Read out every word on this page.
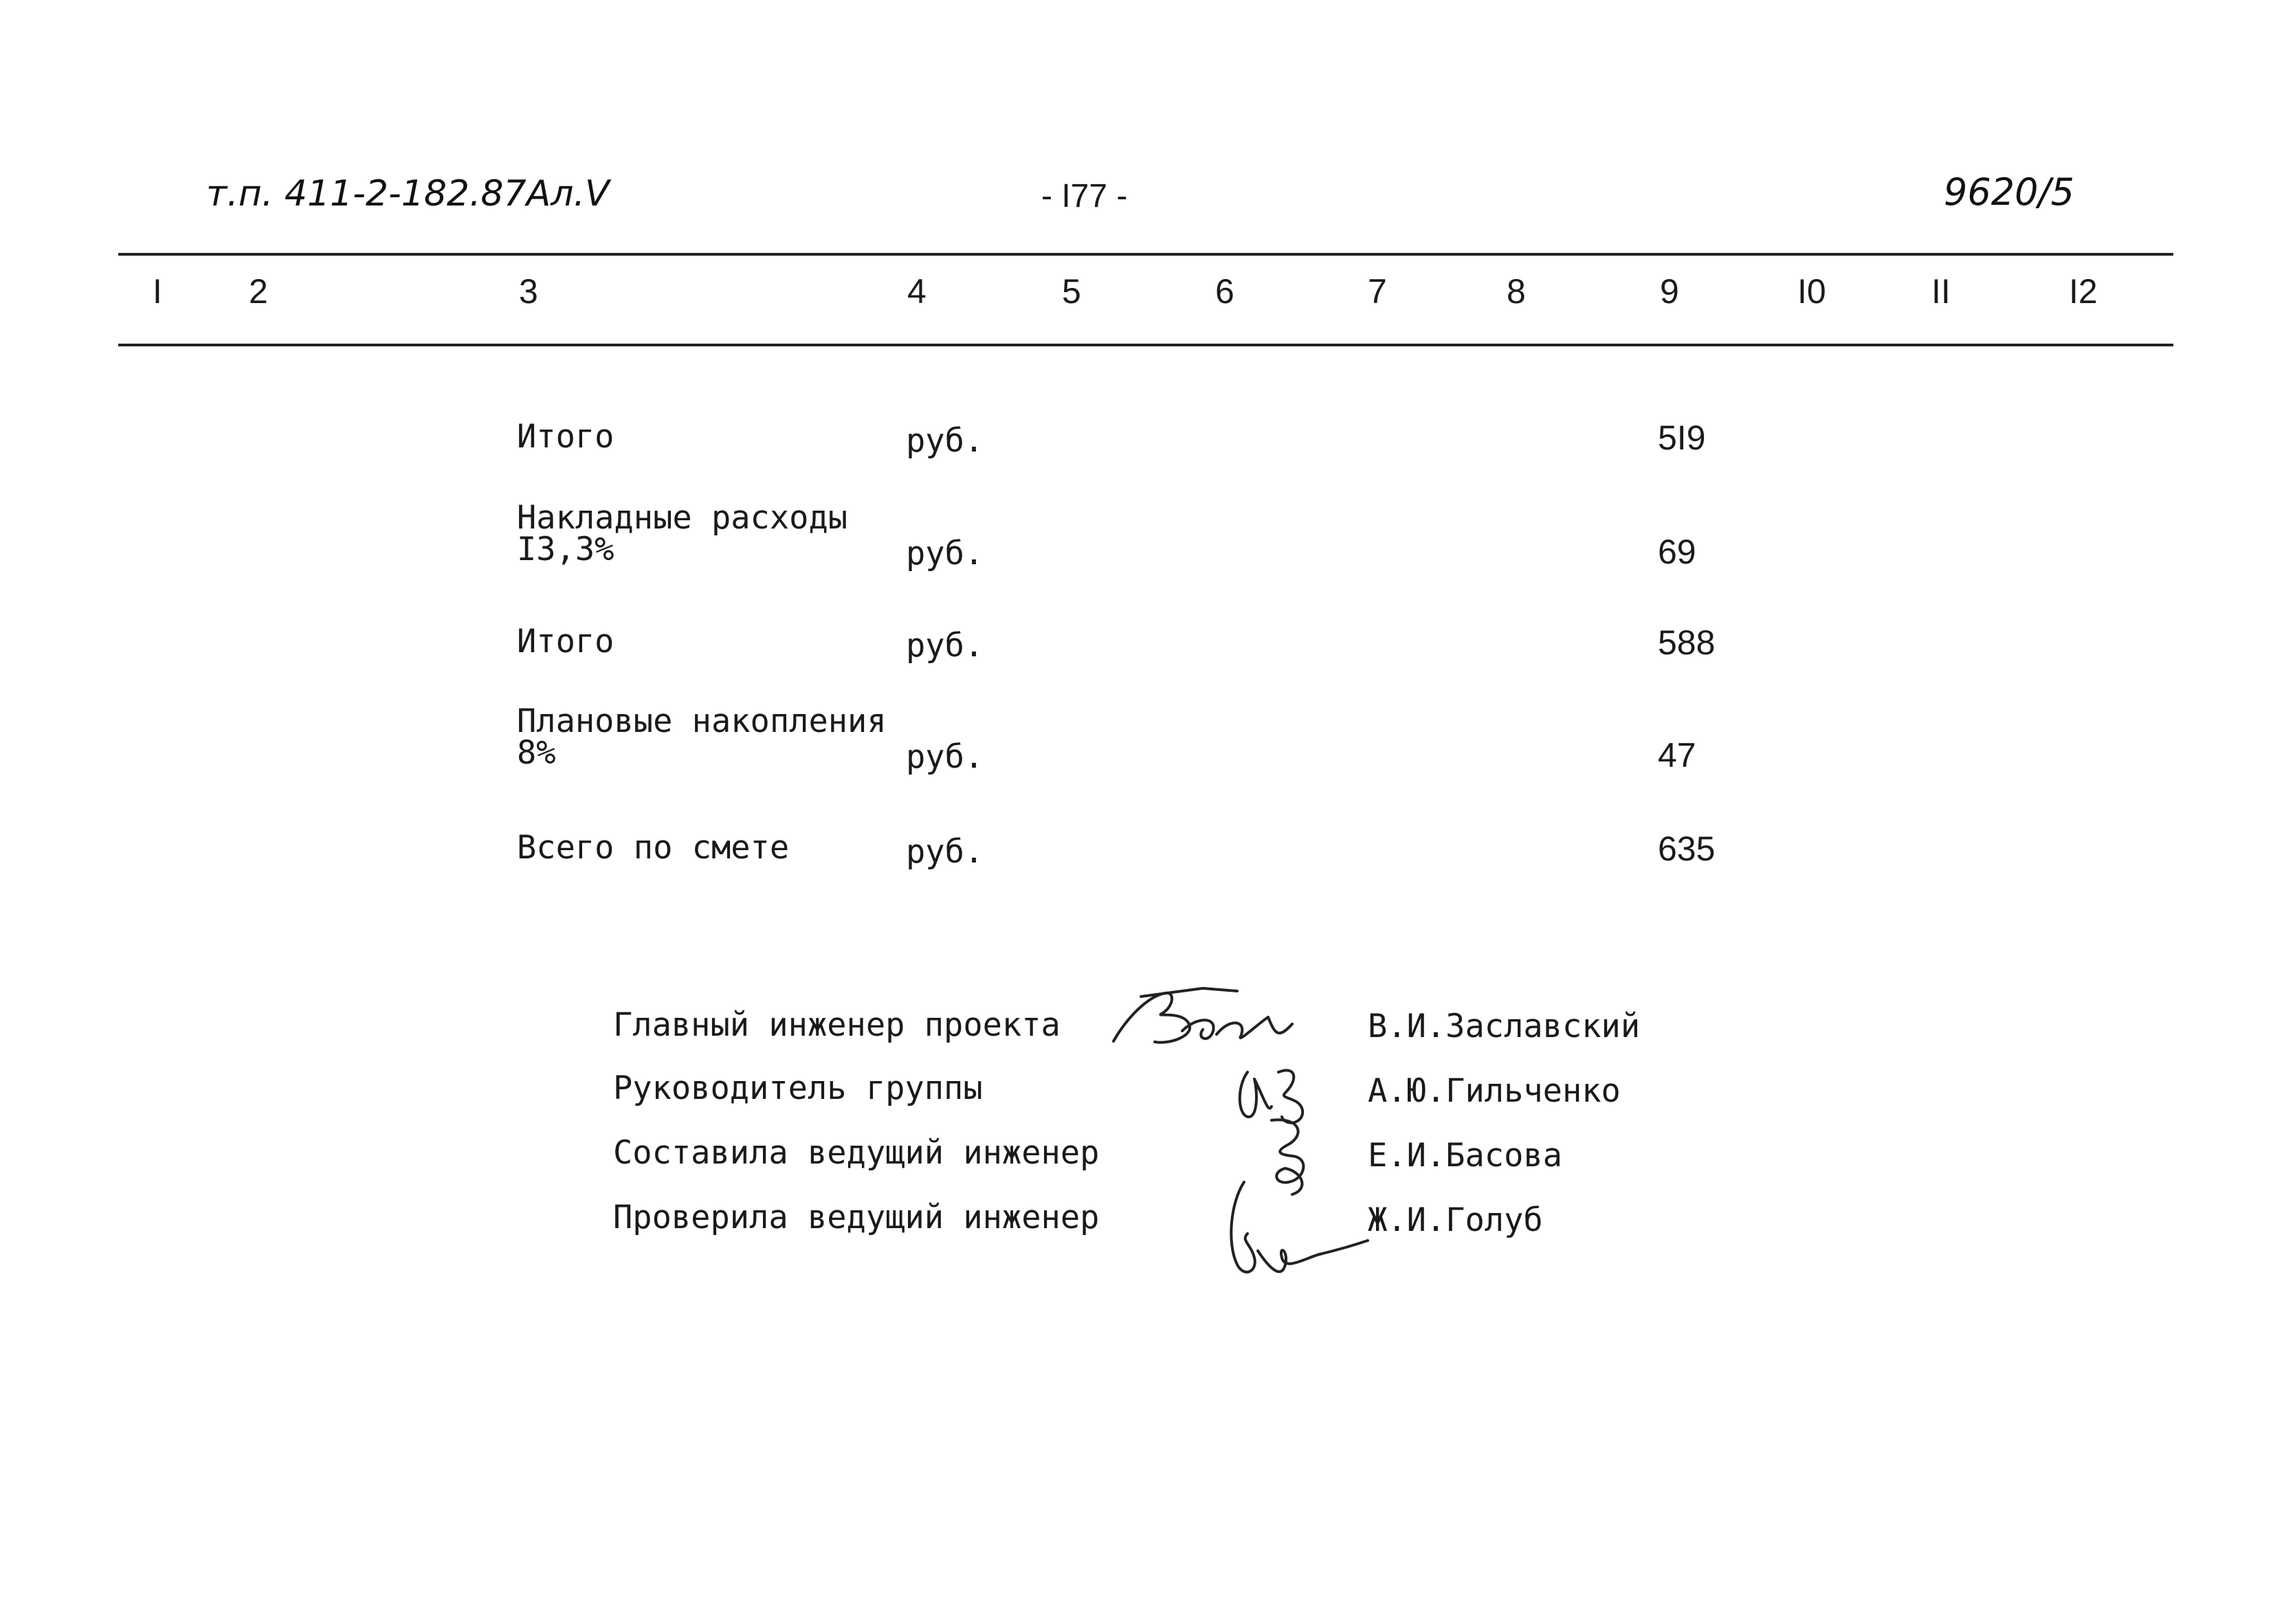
т.п. 411-2-182.87Ал.V	- I77 -	9620/5
I	2	3	4	5	6	7	8	9	I0	II	I2
Итого	руб.	5I9
Накладные расходы
I3,3%	руб.	69
Итого	руб.	588
Плановые накопления
8%	руб.	47
Всего по смете	руб.	635
Главный инженер проекта	В.И.Заславский
Руководитель группы	А.Ю.Гильченко
Составила ведущий инженер	Е.И.Басова
Проверила ведущий инженер	Ж.И.Голуб
